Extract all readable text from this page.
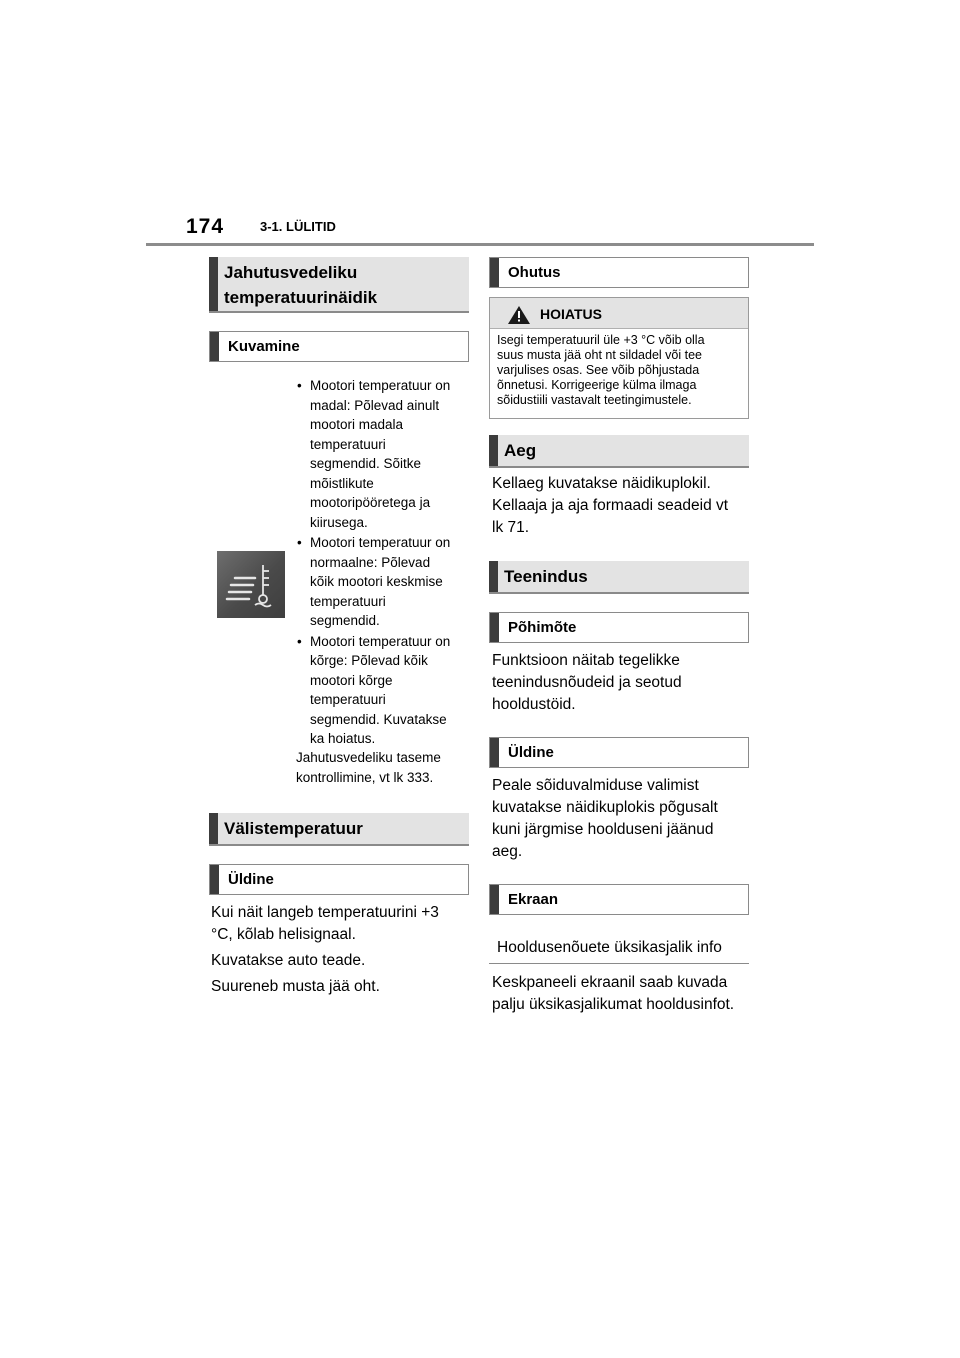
174	3-1. LÜLITID
Jahutusvedeliku
temperatuurinäidik
Kuvamine
• Mootori temperatuur on
madal: Põlevad ainult
mootori madala
temperatuuri
segmendid. Sõitke
mõistlikute
mootoripööretega ja
kiirusega.
• Mootori temperatuur on
normaalne: Põlevad
kõik mootori keskmise
temperatuuri
segmendid.
• Mootori temperatuur on
kõrge: Põlevad kõik
mootori kõrge
temperatuuri
segmendid. Kuvatakse
ka hoiatus.
Jahutusvedeliku taseme
kontrollimine, vt lk 333.
Välistemperatuur
Üldine
Kui näit langeb temperatuurini +3
°C, kõlab helisignaal.
Kuvatakse auto teade.
Suureneb musta jää oht.
Ohutus
HOIATUS
Isegi temperatuuril üle +3 °C võib olla
suus musta jää oht nt sildadel või tee
varjulises osas. See võib põhjustada
õnnetusi. Korrigeerige külma ilmaga
sõidustiili vastavalt teetingimustele.
Aeg
Kellaeg kuvatakse näidikuplokil.
Kellaaja ja aja formaadi seadeid vt
lk 71.
Teenindus
Põhimõte
Funktsioon näitab tegelikke
teenindusnõudeid ja seotud
hooldustöid.
Üldine
Peale sõiduvalmiduse valimist
kuvatakse näidikuplokis põgusalt
kuni järgmise hoolduseni jäänud
aeg.
Ekraan
Hooldusenõuete üksikasjalik info
Keskpaneeli ekraanil saab kuvada
palju üksikasjalikumat hooldusinfot.
